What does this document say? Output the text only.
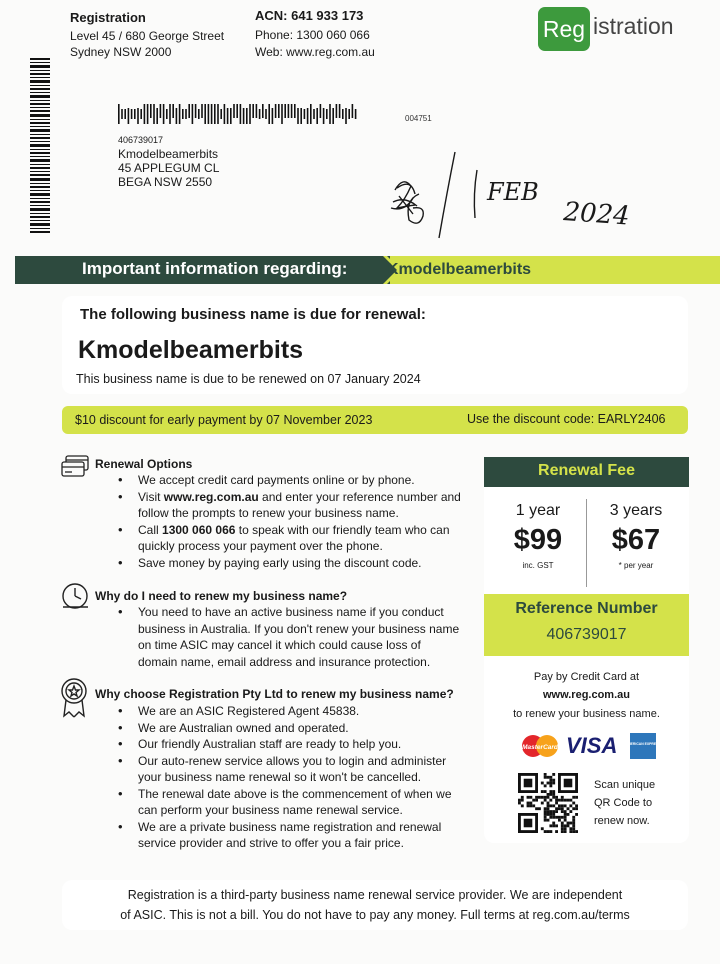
Registration
Level 45 / 680 George Street
Sydney NSW 2000
ACN: 641 933 173
Phone: 1300 060 066
Web: www.reg.com.au
Reg istration
004751
406739017
Kmodelbeamerbits
45 APPLEGUM CL
BEGA NSW 2550	FEB
2024
26
Important information regarding: Kmodelbeamerbits
The following business name is due for renewal:
Kmodelbeamerbits
This business name is due to be renewed on 07 January 2024
$10 discount for early payment by 07 November 2023	Use the discount code: EARLY2406
Renewal Options
• We accept credit card payments online or by phone.
• Visit www.reg.com.au and enter your reference number and follow the prompts to renew your business name.
• Call 1300 060 066 to speak with our friendly team who can quickly process your payment over the phone.
• Save money by paying early using the discount code.
Why do I need to renew my business name?
• You need to have an active business name if you conduct business in Australia. If you don't renew your business name on time ASIC may cancel it which could cause loss of domain name, email address and insurance protection.
Why choose Registration Pty Ltd to renew my business name?
• We are an ASIC Registered Agent 45838.
• We are Australian owned and operated.
• Our friendly Australian staff are ready to help you.
• Our auto-renew service allows you to login and administer your business name renewal so it won't be cancelled.
• The renewal date above is the commencement of when we can perform your business name renewal service.
• We are a private business name registration and renewal service provider and strive to offer you a fair price.
Renewal Fee
1 year
$99
inc. GST
3 years
$67
* per year
Reference Number
406739017
Pay by Credit Card at
www.reg.com.au
to renew your business name.
MasterCard VISA AMERICAN EXPRESS
Scan unique
QR Code to
renew now.
Registration is a third-party business name renewal service provider. We are independent
of ASIC. This is not a bill. You do not have to pay any money. Full terms at reg.com.au/terms
